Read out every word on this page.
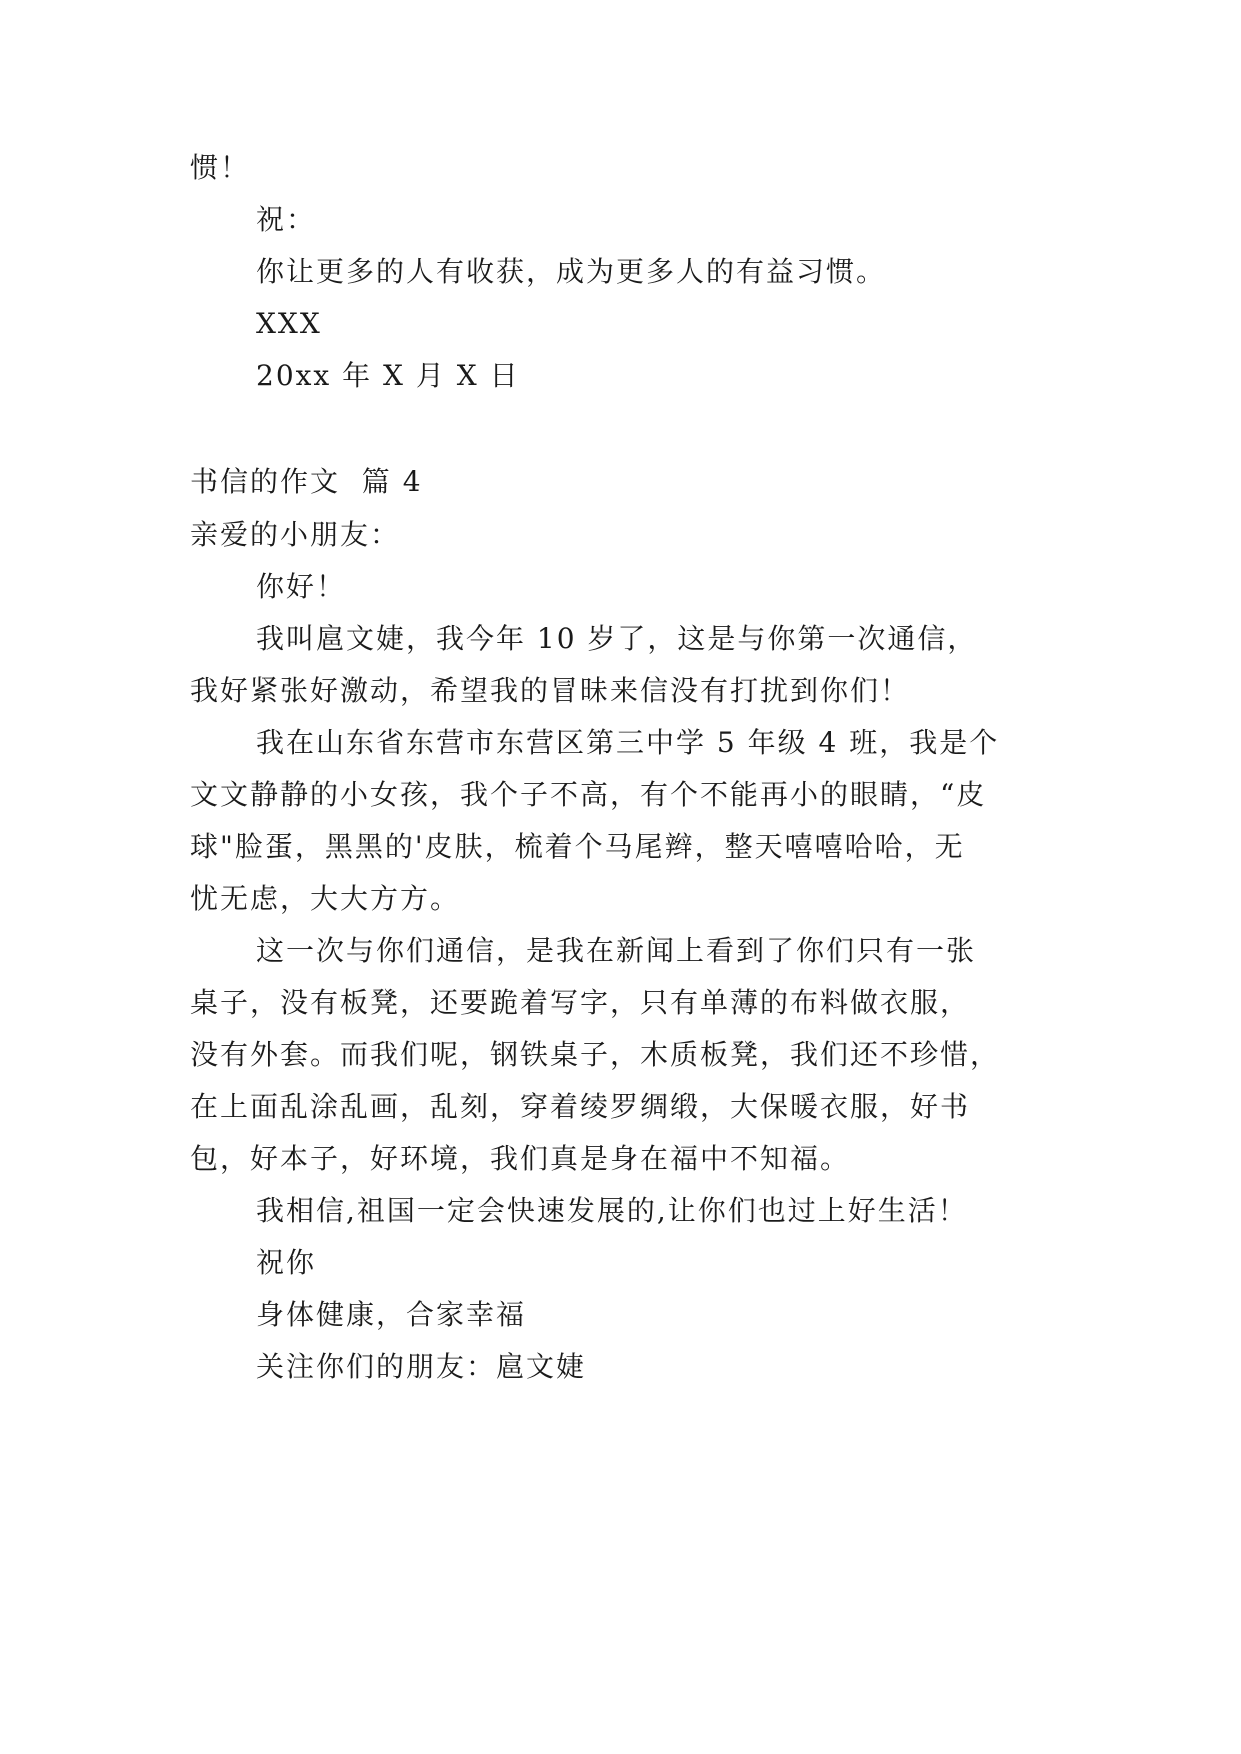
惯！
祝：
你让更多的人有收获，成为更多人的有益习惯。
XXX
20xx 年 X 月 X 日
书信的作文  篇 4
亲爱的小朋友：
你好！
我叫扈文婕，我今年 10 岁了，这是与你第一次通信，
我好紧张好激动，希望我的冒昧来信没有打扰到你们！
我在山东省东营市东营区第三中学 5 年级 4 班，我是个
文文静静的小女孩，我个子不高，有个不能再小的眼睛，“皮
球"脸蛋，黑黑的'皮肤，梳着个马尾辫，整天嘻嘻哈哈，无
忧无虑，大大方方。
这一次与你们通信，是我在新闻上看到了你们只有一张
桌子，没有板凳，还要跪着写字，只有单薄的布料做衣服，
没有外套。而我们呢，钢铁桌子，木质板凳，我们还不珍惜，
在上面乱涂乱画，乱刻，穿着绫罗绸缎，大保暖衣服，好书
包，好本子，好环境，我们真是身在福中不知福。
我相信,祖国一定会快速发展的,让你们也过上好生活！
祝你
身体健康，合家幸福
关注你们的朋友：扈文婕
